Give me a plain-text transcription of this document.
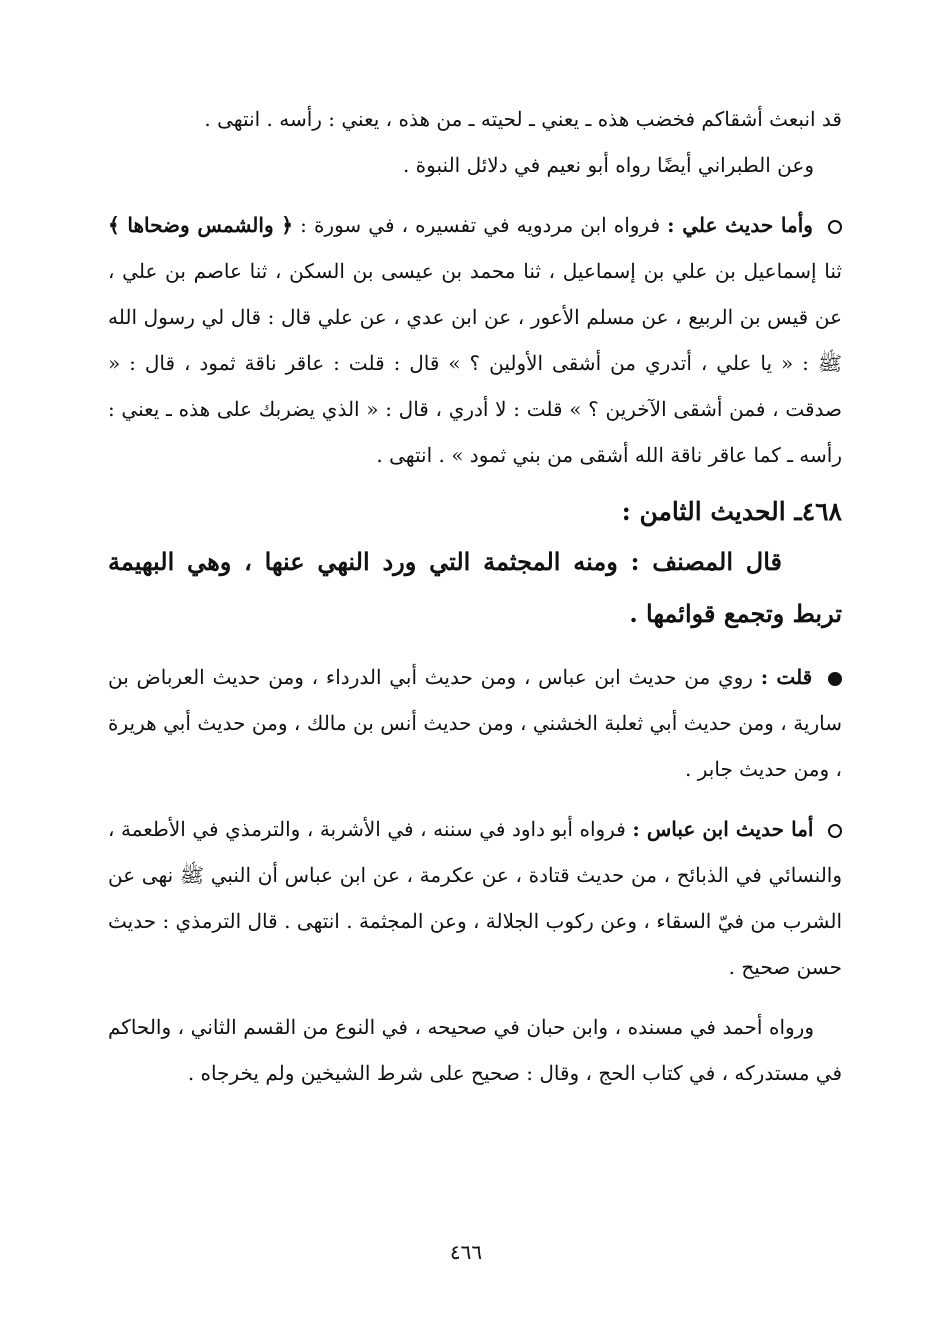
قد انبعث أشقاكم فخضب هذه ـ يعني ـ لحيته ـ من هذه ، يعني : رأسه . انتهى .

وعن الطبراني أيضًا رواه أبو نعيم في دلائل النبوة .

وأما حديث علي : فرواه ابن مردويه في تفسيره ، في سورة : ﴿ والشمس وضحاها ﴾ ثنا إسماعيل بن علي بن إسماعيل ، ثنا محمد بن عيسى بن السكن ، ثنا عاصم بن علي ، عن قيس بن الربيع ، عن مسلم الأعور ، عن ابن عدي ، عن علي قال : قال لي رسول الله ﷺ : « يا علي ، أتدري من أشقى الأولين ؟ » قال : قلت : عاقر ناقة ثمود ، قال : « صدقت ، فمن أشقى الآخرين ؟ » قلت : لا أدري ، قال : « الذي يضربك على هذه ـ يعني : رأسه ـ كما عاقر ناقة الله أشقى من بني ثمود » . انتهى .

٤٦٨ـ الحديث الثامن :

قال المصنف : ومنه المجثمة التي ورد النهي عنها ، وهي البهيمة تربط وتجمع قوائمها .

قلت : روي من حديث ابن عباس ، ومن حديث أبي الدرداء ، ومن حديث العرباض بن سارية ، ومن حديث أبي ثعلبة الخشني ، ومن حديث أنس بن مالك ، ومن حديث أبي هريرة ، ومن حديث جابر .

أما حديث ابن عباس : فرواه أبو داود في سننه ، في الأشربة ، والترمذي في الأطعمة ، والنسائي في الذبائح ، من حديث قتادة ، عن عكرمة ، عن ابن عباس أن النبي ﷺ نهى عن الشرب من فيّ السقاء ، وعن ركوب الجلالة ، وعن المجثمة . انتهى . قال الترمذي : حديث حسن صحيح .

ورواه أحمد في مسنده ، وابن حبان في صحيحه ، في النوع من القسم الثاني ، والحاكم في مستدركه ، في كتاب الحج ، وقال : صحيح على شرط الشيخين ولم يخرجاه .

٤٦٦
